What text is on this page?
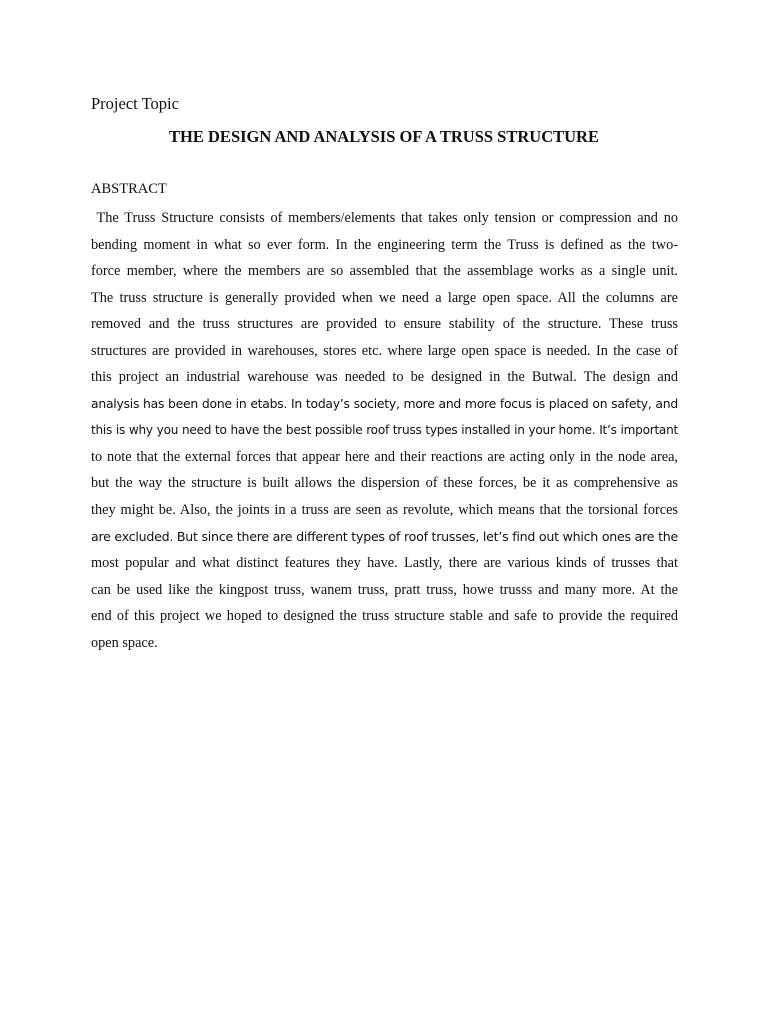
Project Topic

THE DESIGN AND ANALYSIS OF A TRUSS STRUCTURE

ABSTRACT

The Truss Structure consists of members/elements that takes only tension or compression and no
bending moment in what so ever form. In the engineering term the Truss is defined as the two-
force member, where the members are so assembled that the assemblage works as a single unit.
The truss structure is generally provided when we need a large open space. All the columns are
removed and the truss structures are provided to ensure stability of the structure. These truss
structures are provided in warehouses, stores etc. where large open space is needed. In the case of
this project an industrial warehouse was needed to be designed in the Butwal. The design and
analysis has been done in etabs. In today’s society, more and more focus is placed on safety, and
this is why you need to have the best possible roof truss types installed in your home. It’s important
to note that the external forces that appear here and their reactions are acting only in the node area,
but the way the structure is built allows the dispersion of these forces, be it as comprehensive as
they might be. Also, the joints in a truss are seen as revolute, which means that the torsional forces
are excluded. But since there are different types of roof trusses, let’s find out which ones are the
most popular and what distinct features they have. Lastly, there are various kinds of trusses that
can be used like the kingpost truss, wanem truss, pratt truss, howe trusss and many more. At the
end of this project we hoped to designed the truss structure stable and safe to provide the required
open space.
